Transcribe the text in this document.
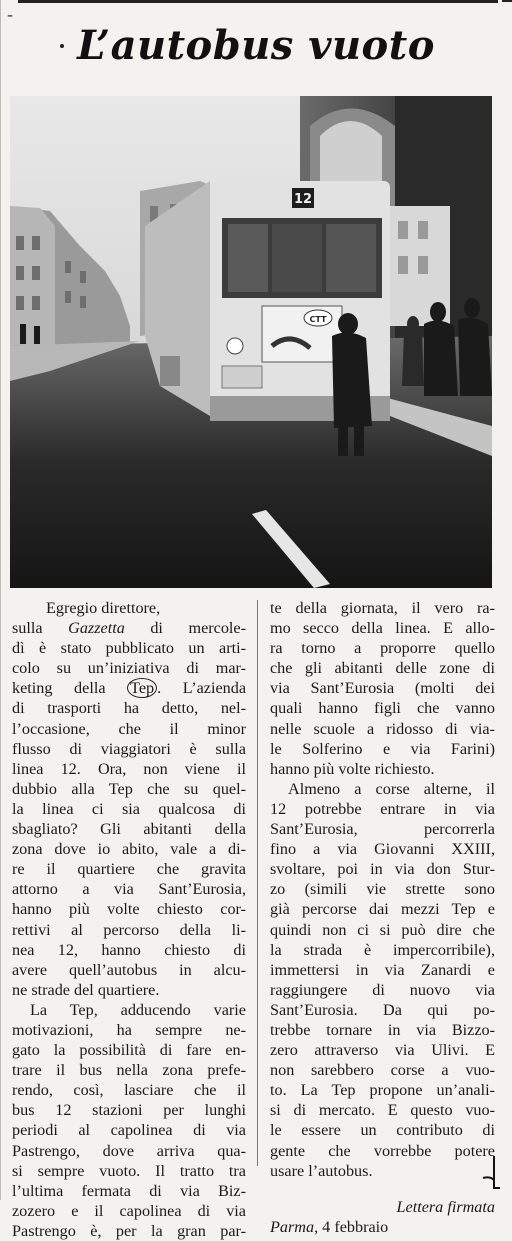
¯
L’autobus vuoto
12
CTT
Egregio direttore,
sulla Gazzetta di mercole-
dì è stato pubblicato un arti-
colo su un’iniziativa di mar-
keting della Tep . L’azienda
di trasporti ha detto, nel-
l’occasione, che il minor
flusso di viaggiatori è sulla
linea 12. Ora, non viene il
dubbio alla Tep che su quel-
la linea ci sia qualcosa di
sbagliato? Gli abitanti della
zona dove io abito, vale a di-
re il quartiere che gravita
attorno a via Sant’Eurosia,
hanno più volte chiesto cor-
rettivi al percorso della li-
nea 12, hanno chiesto di
avere quell’autobus in alcu-
ne strade del quartiere.
La Tep, adducendo varie
motivazioni, ha sempre ne-
gato la possibilità di fare en-
trare il bus nella zona prefe-
rendo, così, lasciare che il
bus 12 stazioni per lunghi
periodi al capolinea di via
Pastrengo, dove arriva qua-
si sempre vuoto. Il tratto tra
l’ultima fermata di via Biz-
zozero e il capolinea di via
Pastrengo è, per la gran par-
te della giornata, il vero ra-
mo secco della linea. E allo-
ra torno a proporre quello
che gli abitanti delle zone di
via Sant’Eurosia (molti dei
quali hanno figli che vanno
nelle scuole a ridosso di via-
le Solferino e via Farini)
hanno più volte richiesto.
Almeno a corse alterne, il
12 potrebbe entrare in via
Sant’Eurosia, percorrerla
fino a via Giovanni XXIII,
svoltare, poi in via don Stur-
zo (simili vie strette sono
già percorse dai mezzi Tep e
quindi non ci si può dire che
la strada è impercorribile),
immettersi in via Zanardi e
raggiungere di nuovo via
Sant’Eurosia. Da qui po-
trebbe tornare in via Bizzo-
zero attraverso via Ulivi. E
non sarebbero corse a vuo-
to. La Tep propone un’anali-
si di mercato. E questo vuo-
le essere un contributo di
gente che vorrebbe potere
usare l’autobus.
Lettera firmata
Parma, 4 febbraio
